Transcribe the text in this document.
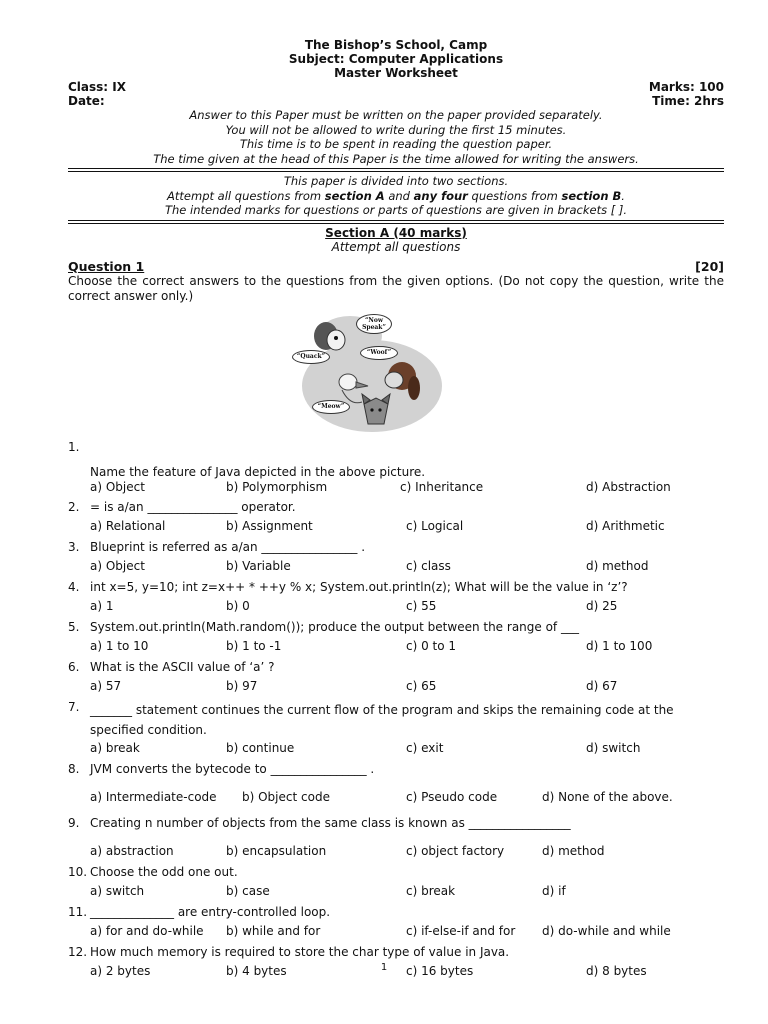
The Bishop’s School, Camp
Subject: Computer Applications
Master Worksheet
Class: IX	Marks: 100
Date:	Time: 2hrs
Answer to this Paper must be written on the paper provided separately.
You will not be allowed to write during the first 15 minutes.
This time is to be spent in reading the question paper.
The time given at the head of this Paper is the time allowed for writing the answers.
This paper is divided into two sections.
Attempt all questions from section A and any four questions from section B.
The intended marks for questions or parts of questions are given in brackets [ ].
Section A (40 marks)
Attempt all questions
Question 1	[20]
Choose the correct answers to the questions from the given options. (Do not copy the question, write the correct answer only.)
“Now Speak”
“Quack”
“Woof”
“Meow”
1.
Name the feature of Java depicted in the above picture.
a) Object	b) Polymorphism	c) Inheritance	d) Abstraction
2. = is a/an _______________ operator.
a) Relational	b) Assignment	c) Logical	d) Arithmetic
3. Blueprint is referred as a/an ________________ .
a) Object	b) Variable	c) class	d) method
4. int x=5, y=10; int z=x++ * ++y % x; System.out.println(z); What will be the value in ‘z’?
a) 1	b) 0	c) 55	d) 25
5. System.out.println(Math.random()); produce the output between the range of ___
a) 1 to 10	b) 1 to -1	c) 0 to 1	d) 1 to 100
6. What is the ASCII value of ‘a’ ?
a) 57	b) 97	c) 65	d) 67
7. _______ statement continues the current flow of the program and skips the remaining code at the specified condition.
a) break	b) continue	c) exit	d) switch
8. JVM converts the bytecode to ________________ .
a) Intermediate-code b) Object code	c) Pseudo code	d) None of the above.
9. Creating n number of objects from the same class is known as _________________
a) abstraction	b) encapsulation	c) object factory	d) method
10. Choose the odd one out.
a) switch	b) case	c) break	d) if
11. ______________ are entry-controlled loop.
a) for and do-while b) while and for	c) if-else-if and for d) do-while and while
12. How much memory is required to store the char type of value in Java.
a) 2 bytes	b) 4 bytes	c) 16 bytes	d) 8 bytes
1
